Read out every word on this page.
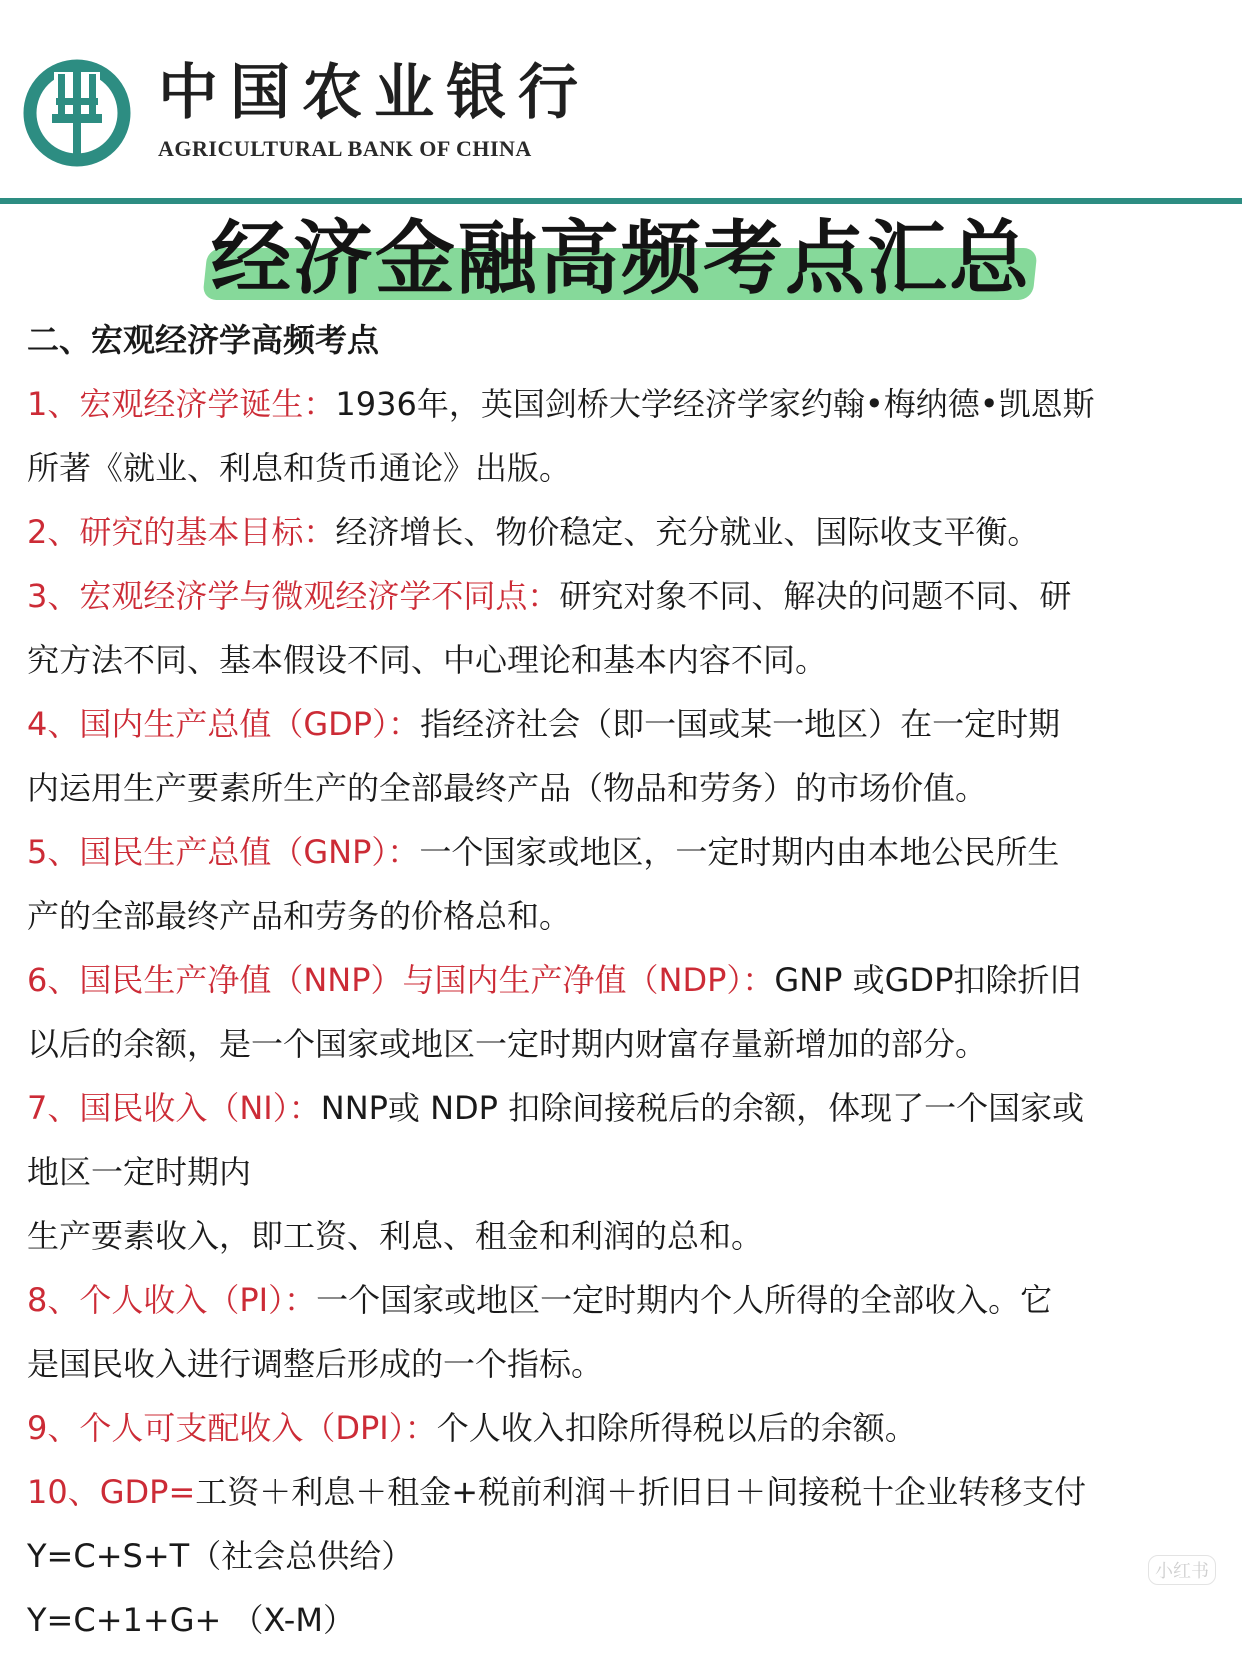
中国农业银行
AGRICULTURAL BANK OF CHINA
经济金融高频考点汇总
二、宏观经济学高频考点
1、宏观经济学诞生：1936年，英国剑桥大学经济学家约翰•梅纳德•凯恩斯
所著《就业、利息和货币通论》出版。
2、研究的基本目标：经济增长、物价稳定、充分就业、国际收支平衡。
3、宏观经济学与微观经济学不同点：研究对象不同、解决的问题不同、研
究方法不同、基本假设不同、中心理论和基本内容不同。
4、国内生产总值（GDP）：指经济社会（即一国或某一地区）在一定时期
内运用生产要素所生产的全部最终产品（物品和劳务）的市场价值。
5、国民生产总值（GNP）：一个国家或地区，一定时期内由本地公民所生
产的全部最终产品和劳务的价格总和。
6、国民生产净值（NNP）与国内生产净值（NDP）：GNP 或GDP扣除折旧
以后的余额，是一个国家或地区一定时期内财富存量新增加的部分。
7、国民收入（NI）：NNP或 NDP 扣除间接税后的余额，体现了一个国家或
地区一定时期内
生产要素收入，即工资、利息、租金和利润的总和。
8、个人收入（PI）：一个国家或地区一定时期内个人所得的全部收入。它
是国民收入进行调整后形成的一个指标。
9、个人可支配收入（DPI）：个人收入扣除所得税以后的余额。
10、GDP=工资＋利息＋租金+税前利润＋折旧日＋间接税十企业转移支付
Y=C+S+T（社会总供给）
Y=C+1+G+ （X-M）
小红书
